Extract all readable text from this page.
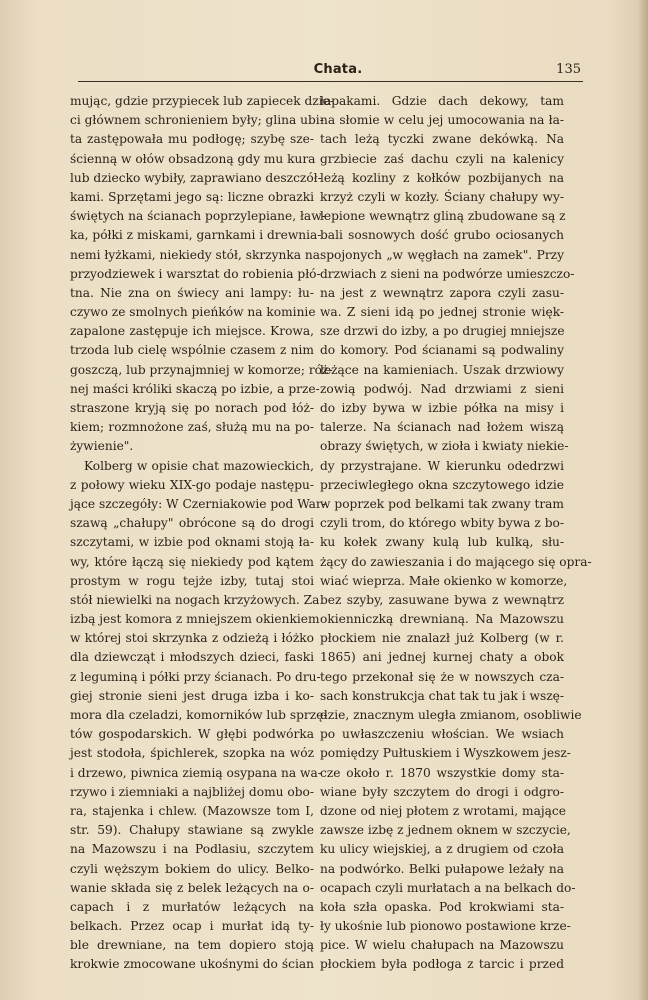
Chata.	135
mując, gdzie przypiecek lub zapiecek dzie-
ci głównem schronieniem były; glina ubi-
ta zastępowała mu podłogę; szybę sze-
ścienną w ołów obsadzoną gdy mu kura
lub dziecko wybiły, zaprawiano deszczół-
kami. Sprzętami jego są: liczne obrazki
świętych na ścianach poprzylepiane, ław-
ka, półki z miskami, garnkami i drewnia-
nemi łyżkami, niekiedy stół, skrzynka na
przyodziewek i warsztat do robienia płó-
tna. Nie zna on świecy ani lampy: łu-
czywo ze smolnych pieńków na kominie
zapalone zastępuje ich miejsce. Krowa,
trzoda lub cielę wspólnie czasem z nim
goszczą, lub przynajmniej w komorze; róż-
nej maści króliki skaczą po izbie, a prze-
straszone kryją się po norach pod łóż-
kiem; rozmnożone zaś, służą mu na po-
żywienie".
Kolberg w opisie chat mazowieckich,
z połowy wieku XIX-go podaje następu-
jące szczegóły: W Czerniakowie pod War-
szawą „chałupy" obrócone są do drogi
szczytami, w izbie pod oknami stoją ła-
wy, które łączą się niekiedy pod kątem
prostym w rogu tejże izby, tutaj stoi
stół niewielki na nogach krzyżowych. Za
izbą jest komora z mniejszem okienkiem
w której stoi skrzynka z odzieżą i łóżko
dla dziewcząt i młodszych dzieci, faski
z leguminą i półki przy ścianach. Po dru-
giej stronie sieni jest druga izba i ko-
mora dla czeladzi, komorników lub sprzę-
tów gospodarskich. W głębi podwórka
jest stodoła, śpichlerek, szopka na wóz
i drzewo, piwnica ziemią osypana na wa-
rzywo i ziemniaki a najbliżej domu obo-
ra, stajenka i chlew. (Mazowsze tom I,
str. 59). Chałupy stawiane są zwykle
na Mazowszu i na Podlasiu, szczytem
czyli węższym bokiem do ulicy. Belko-
wanie składa się z belek leżących na o-
capach i z murłatów leżących na
belkach. Przez ocap i murłat idą ty-
ble drewniane, na tem dopiero stoją
krokwie zmocowane ukośnymi do ścian
łapakami. Gdzie dach dekowy, tam
na słomie w celu jej umocowania na ła-
tach leżą tyczki zwane dekówką. Na
grzbiecie zaś dachu czyli na kalenicy
leżą kozliny z kołków pozbijanych na
krzyż czyli w kozły. Ściany chałupy wy-
lepione wewnątrz gliną zbudowane są z
bali sosnowych dość grubo ociosanych
spojonych „w węgłach na zamek". Przy
drzwiach z sieni na podwórze umieszczo-
na jest z wewnątrz zapora czyli zasu-
wa. Z sieni idą po jednej stronie więk-
sze drzwi do izby, a po drugiej mniejsze
do komory. Pod ścianami są podwaliny
leżące na kamieniach. Uszak drzwiowy
zowią podwój. Nad drzwiami z sieni
do izby bywa w izbie półka na misy i
talerze. Na ścianach nad łożem wiszą
obrazy świętych, w zioła i kwiaty niekie-
dy przystrajane. W kierunku odedrzwi
przeciwległego okna szczytowego idzie
w poprzek pod belkami tak zwany tram
czyli trom, do którego wbity bywa z bo-
ku kołek zwany kulą lub kulką, słu-
żący do zawieszania i do mającego się opra-
wiać wieprza. Małe okienko w komorze,
bez szyby, zasuwane bywa z wewnątrz
okienniczką drewnianą. Na Mazowszu
płockiem nie znalazł już Kolberg (w r.
1865) ani jednej kurnej chaty a obok
tego przekonał się że w nowszych cza-
sach konstrukcja chat tak tu jak i wszę-
dzie, znacznym uległa zmianom, osobliwie
po uwłaszczeniu włościan. We wsiach
pomiędzy Pułtuskiem i Wyszkowem jesz-
cze około r. 1870 wszystkie domy sta-
wiane były szczytem do drogi i odgro-
dzone od niej płotem z wrotami, mające
zawsze izbę z jednem oknem w szczycie,
ku ulicy wiejskiej, a z drugiem od czoła
na podwórko. Belki pułapowe leżały na
ocapach czyli murłatach a na belkach do-
koła szła opaska. Pod krokwiami sta-
ły ukośnie lub pionowo postawione krze-
pice. W wielu chałupach na Mazowszu
płockiem była podłoga z tarcic i przed
